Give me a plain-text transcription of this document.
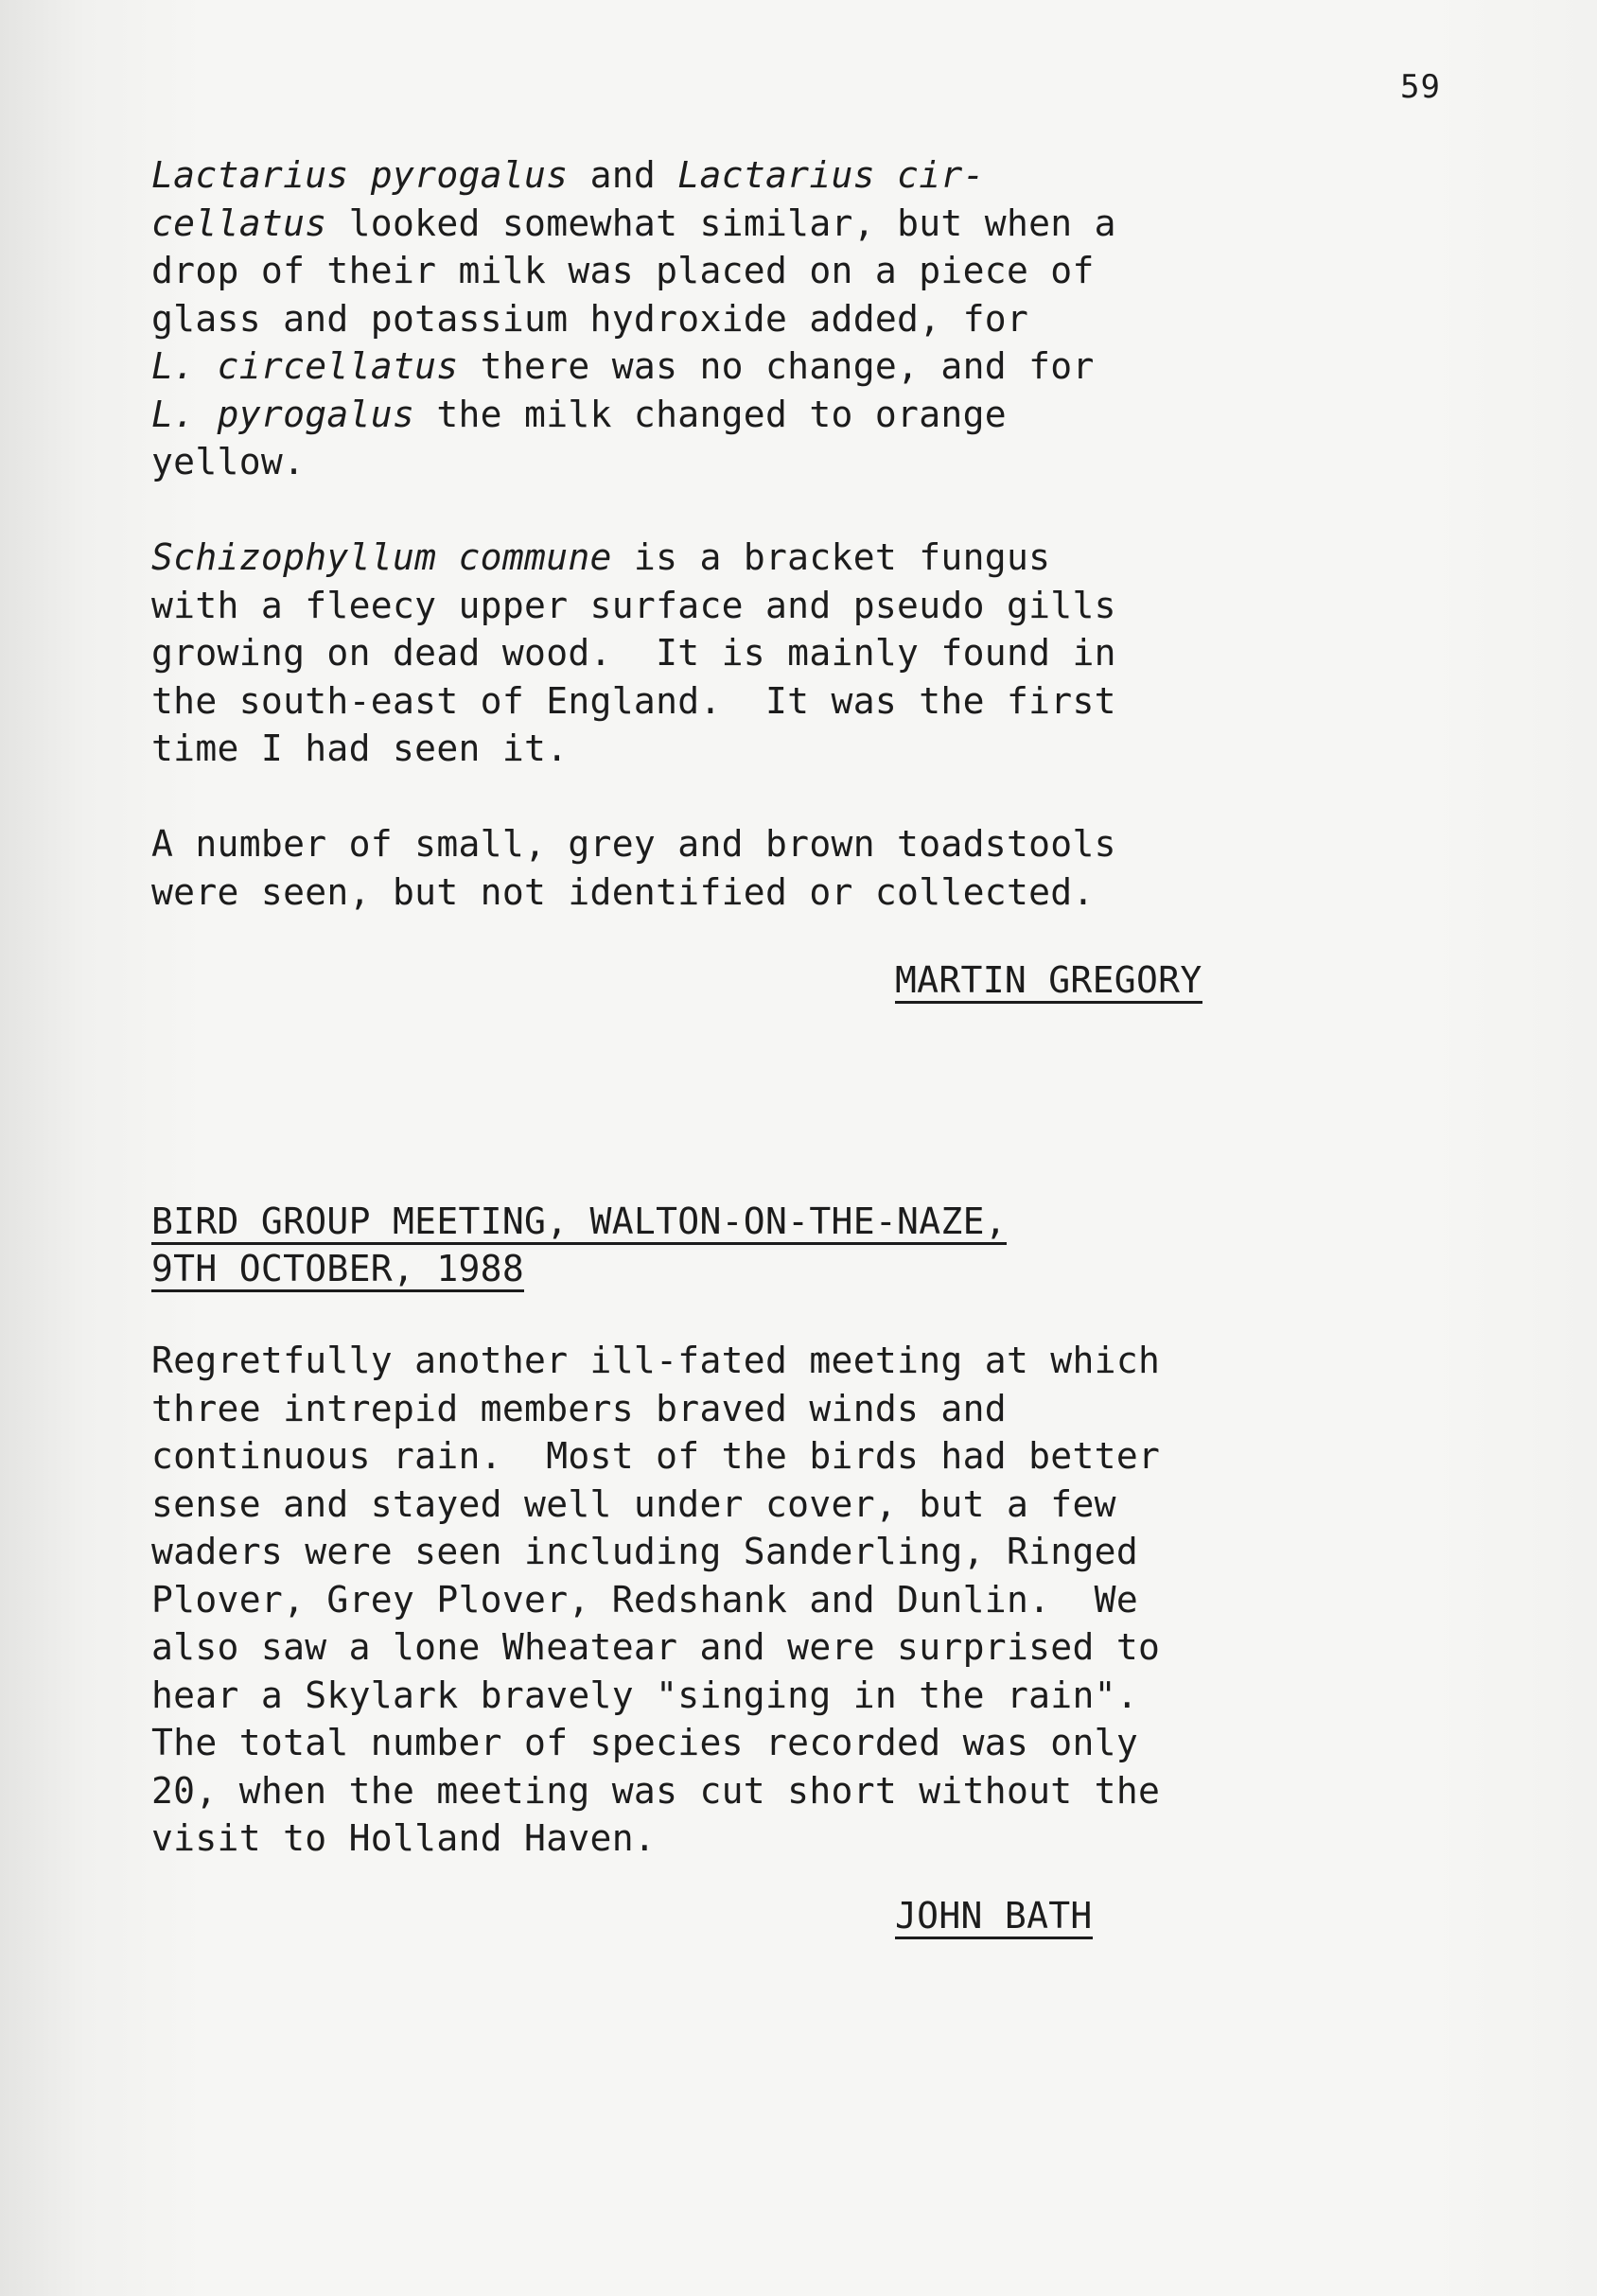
59
Lactarius pyrogalus and Lactarius cir-
cellatus looked somewhat similar, but when a
drop of their milk was placed on a piece of
glass and potassium hydroxide added, for
L. circellatus there was no change, and for
L. pyrogalus the milk changed to orange
yellow.
Schizophyllum commune is a bracket fungus
with a fleecy upper surface and pseudo gills
growing on dead wood.  It is mainly found in
the south-east of England.  It was the first
time I had seen it.
A number of small, grey and brown toadstools
were seen, but not identified or collected.
MARTIN GREGORY
BIRD GROUP MEETING, WALTON-ON-THE-NAZE,
9TH OCTOBER, 1988
Regretfully another ill-fated meeting at which
three intrepid members braved winds and
continuous rain.  Most of the birds had better
sense and stayed well under cover, but a few
waders were seen including Sanderling, Ringed
Plover, Grey Plover, Redshank and Dunlin.  We
also saw a lone Wheatear and were surprised to
hear a Skylark bravely "singing in the rain".
The total number of species recorded was only
20, when the meeting was cut short without the
visit to Holland Haven.
JOHN BATH
